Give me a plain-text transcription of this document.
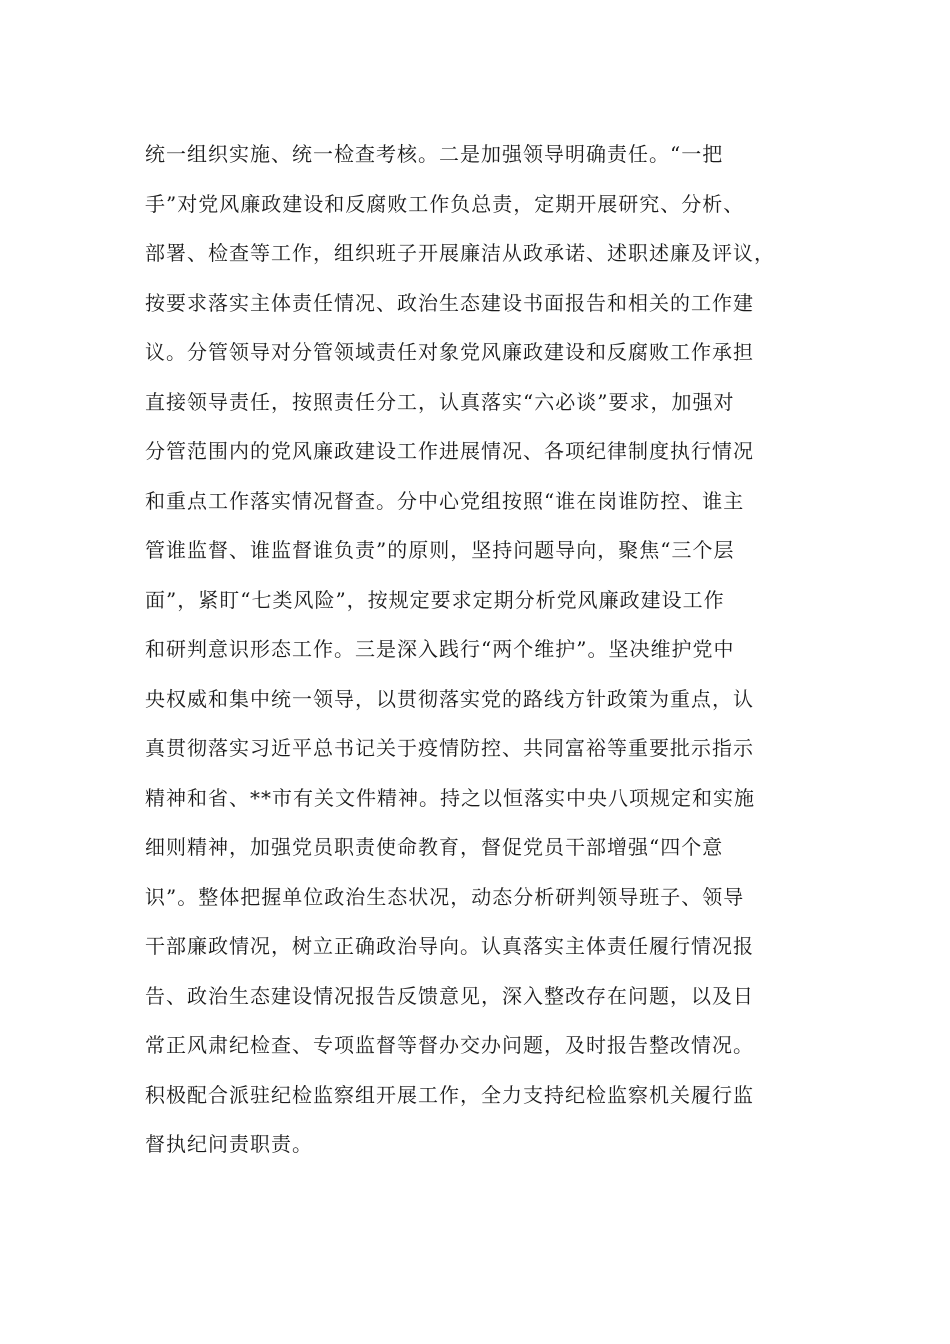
统一组织实施、统一检查考核。二是加强领导明确责任。“一把
手”对党风廉政建设和反腐败工作负总责，定期开展研究、分析、
部署、检查等工作，组织班子开展廉洁从政承诺、述职述廉及评议，
按要求落实主体责任情况、政治生态建设书面报告和相关的工作建
议。分管领导对分管领域责任对象党风廉政建设和反腐败工作承担
直接领导责任，按照责任分工，认真落实“六必谈”要求，加强对
分管范围内的党风廉政建设工作进展情况、各项纪律制度执行情况
和重点工作落实情况督查。分中心党组按照“谁在岗谁防控、谁主
管谁监督、谁监督谁负责”的原则，坚持问题导向，聚焦“三个层
面”，紧盯“七类风险”，按规定要求定期分析党风廉政建设工作
和研判意识形态工作。三是深入践行“两个维护”。坚决维护党中
央权威和集中统一领导，以贯彻落实党的路线方针政策为重点，认
真贯彻落实习近平总书记关于疫情防控、共同富裕等重要批示指示
精神和省、**市有关文件精神。持之以恒落实中央八项规定和实施
细则精神，加强党员职责使命教育，督促党员干部增强“四个意
识”。整体把握单位政治生态状况，动态分析研判领导班子、领导
干部廉政情况，树立正确政治导向。认真落实主体责任履行情况报
告、政治生态建设情况报告反馈意见，深入整改存在问题，以及日
常正风肃纪检查、专项监督等督办交办问题，及时报告整改情况。
积极配合派驻纪检监察组开展工作，全力支持纪检监察机关履行监
督执纪问责职责。
